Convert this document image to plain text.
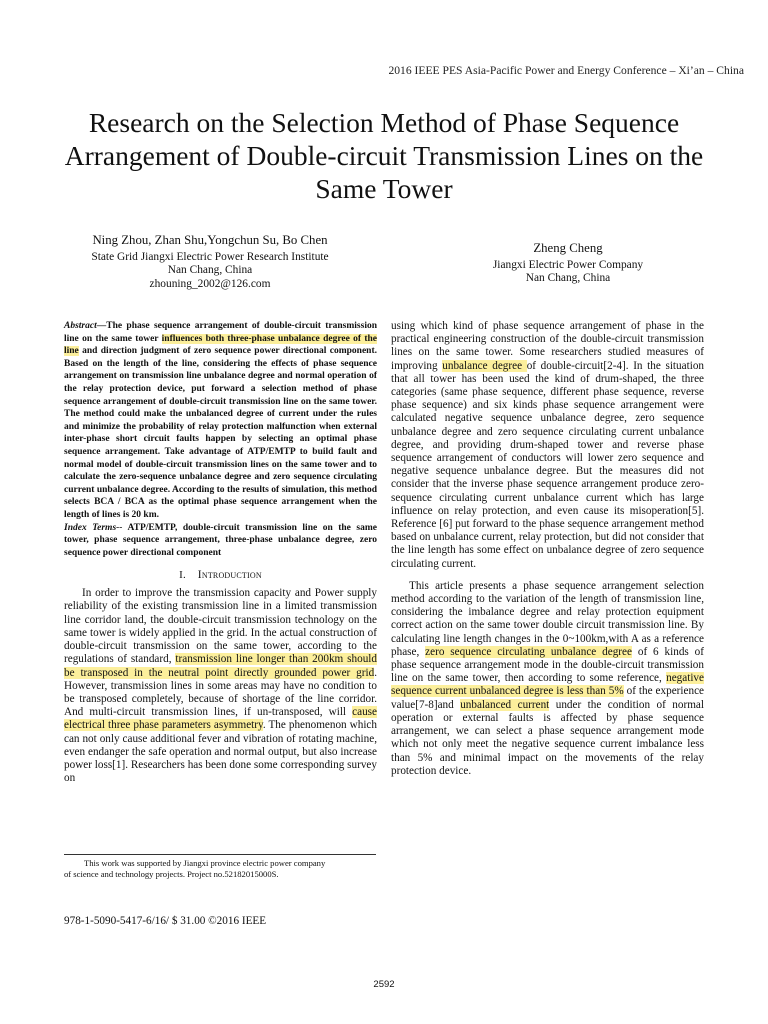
2016 IEEE PES Asia-Pacific Power and Energy Conference – Xi’an – China
Research on the Selection Method of Phase Sequence Arrangement of Double-circuit Transmission Lines on the Same Tower
Ning Zhou, Zhan Shu,Yongchun Su, Bo Chen
State Grid Jiangxi Electric Power Research Institute
Nan Chang, China
zhouning_2002@126.com
Zheng Cheng
Jiangxi Electric Power Company
Nan Chang, China

Abstract—The phase sequence arrangement of double-circuit transmission line on the same tower influences both three-phase unbalance degree of the line and direction judgment of zero sequence power directional component. Based on the length of the line, considering the effects of phase sequence arrangement on transmission line unbalance degree and normal operation of the relay protection device, put forward a selection method of phase sequence arrangement of double-circuit transmission line on the same tower. The method could make the unbalanced degree of current under the rules and minimize the probability of relay protection malfunction when external inter-phase short circuit faults happen by selecting an optimal phase sequence arrangement. Take advantage of ATP/EMTP to build fault and normal model of double-circuit transmission lines on the same tower and to calculate the zero-sequence unbalance degree and zero sequence circulating current unbalance degree. According to the results of simulation, this method selects BCA / BCA as the optimal phase sequence arrangement when the length of lines is 20 km.

Index Terms-- ATP/EMTP, double-circuit transmission line on the same tower, phase sequence arrangement, three-phase unbalance degree, zero sequence power directional component

I. Introduction

In order to improve the transmission capacity and Power supply reliability of the existing transmission line in a limited transmission line corridor land, the double-circuit transmission technology on the same tower is widely applied in the grid. In the actual construction of double-circuit transmission on the same tower, according to the regulations of standard, transmission line longer than 200km should be transposed in the neutral point directly grounded power grid. However, transmission lines in some areas may have no condition to be transposed completely, because of shortage of the line corridor. And multi-circuit transmission lines, if un-transposed, will cause electrical three phase parameters asymmetry. The phenomenon which can not only cause additional fever and vibration of rotating machine, even endanger the safe operation and normal output, but also increase power loss[1]. Researchers has been done some corresponding survey on

using which kind of phase sequence arrangement of phase in the practical engineering construction of the double-circuit transmission lines on the same tower. Some researchers studied measures of improving unbalance degree of double-circuit[2-4]. In the situation that all tower has been used the kind of drum-shaped, the three categories (same phase sequence, different phase sequence, reverse phase sequence) and six kinds phase sequence arrangement were calculated negative sequence unbalance degree, zero sequence unbalance degree and zero sequence circulating current unbalance degree, and providing drum-shaped tower and reverse phase sequence arrangement of conductors will lower zero sequence and negative sequence unbalance degree. But the measures did not consider that the inverse phase sequence arrangement produce zero-sequence circulating current unbalance current which has large influence on relay protection, and even cause its misoperation[5]. Reference [6] put forward to the phase sequence arrangement method based on unbalance current, relay protection, but did not consider that the line length has some effect on unbalance degree of zero sequence circulating current.

This article presents a phase sequence arrangement selection method according to the variation of the length of transmission line, considering the imbalance degree and relay protection equipment correct action on the same tower double circuit transmission line. By calculating line length changes in the 0~100km,with A as a reference phase, zero sequence circulating unbalance degree of 6 kinds of phase sequence arrangement mode in the double-circuit transmission line on the same tower, then according to some reference, negative sequence current unbalanced degree is less than 5% of the experience value[7-8]and unbalanced current under the condition of normal operation or external faults is affected by phase sequence arrangement, we can select a phase sequence arrangement mode which not only meet the negative sequence current imbalance less than 5% and minimal impact on the movements of the relay protection device.

This work was supported by Jiangxi province electric power company
of science and technology projects. Project no.52182015000S.
978-1-5090-5417-6/16/ $ 31.00 ©2016 IEEE
2592
